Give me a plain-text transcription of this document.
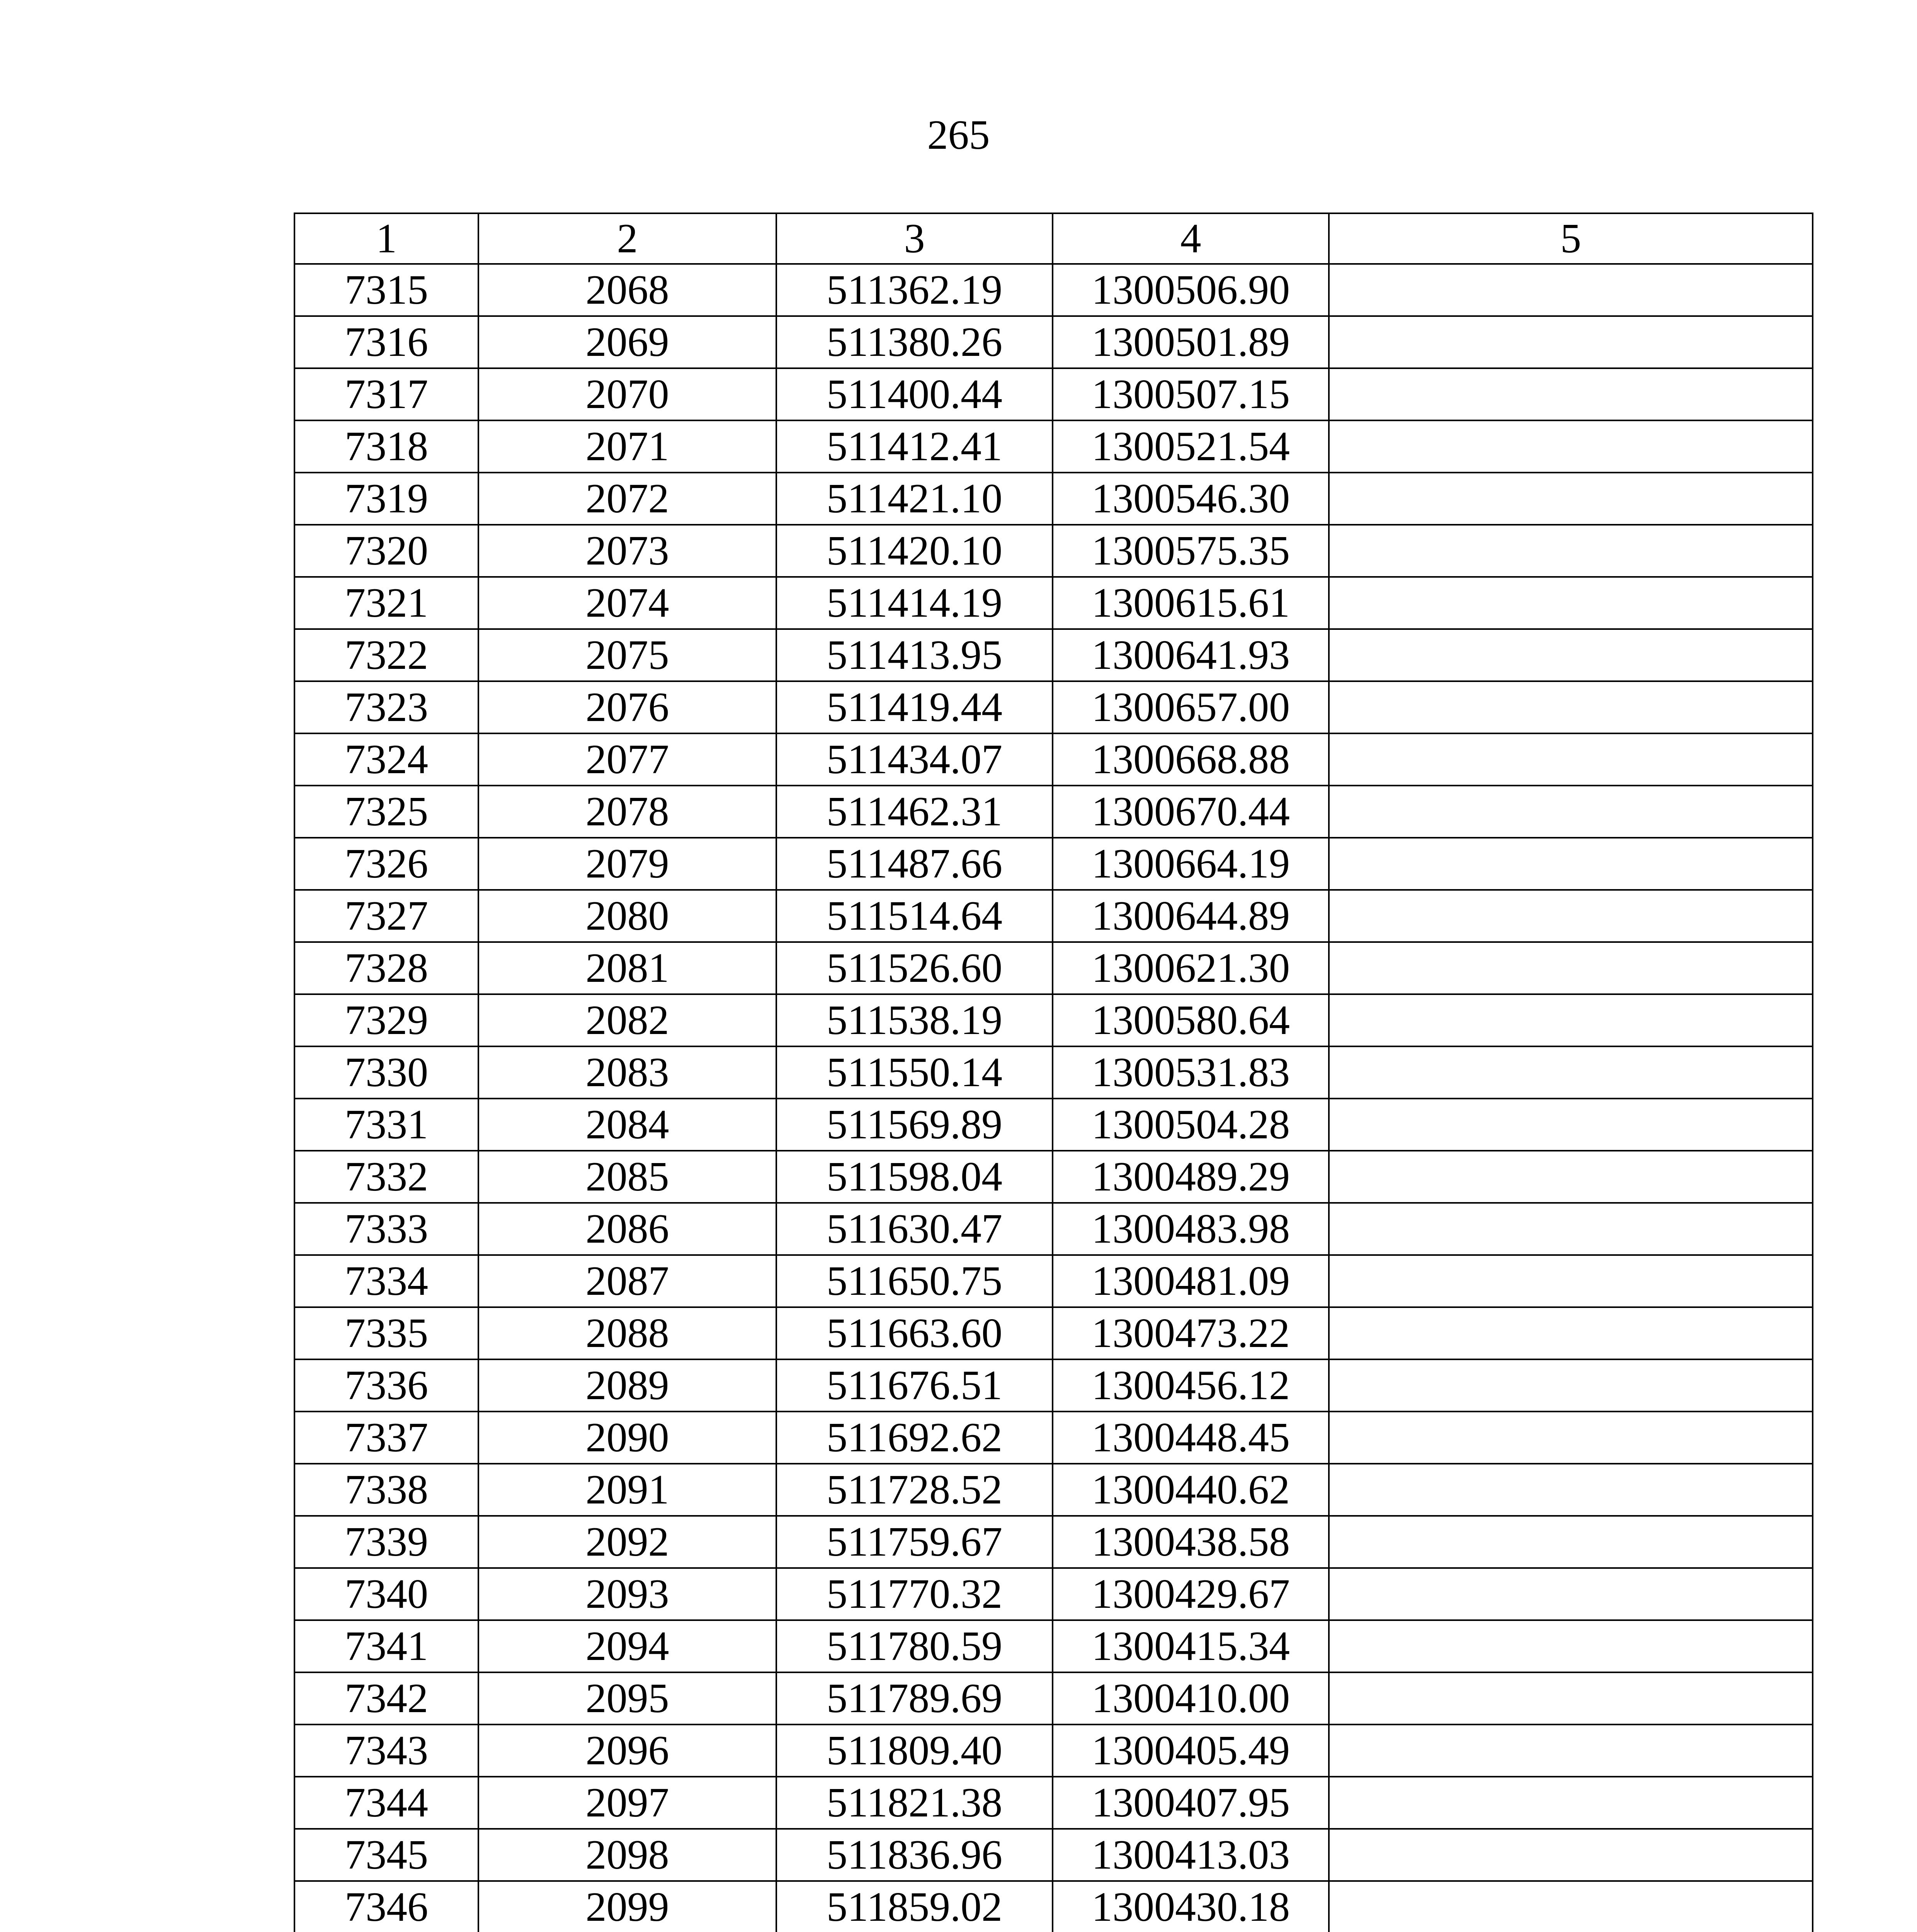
265
1	2	3	4	5
7315	2068	511362.19	1300506.90	
7316	2069	511380.26	1300501.89	
7317	2070	511400.44	1300507.15	
7318	2071	511412.41	1300521.54	
7319	2072	511421.10	1300546.30	
7320	2073	511420.10	1300575.35	
7321	2074	511414.19	1300615.61	
7322	2075	511413.95	1300641.93	
7323	2076	511419.44	1300657.00	
7324	2077	511434.07	1300668.88	
7325	2078	511462.31	1300670.44	
7326	2079	511487.66	1300664.19	
7327	2080	511514.64	1300644.89	
7328	2081	511526.60	1300621.30	
7329	2082	511538.19	1300580.64	
7330	2083	511550.14	1300531.83	
7331	2084	511569.89	1300504.28	
7332	2085	511598.04	1300489.29	
7333	2086	511630.47	1300483.98	
7334	2087	511650.75	1300481.09	
7335	2088	511663.60	1300473.22	
7336	2089	511676.51	1300456.12	
7337	2090	511692.62	1300448.45	
7338	2091	511728.52	1300440.62	
7339	2092	511759.67	1300438.58	
7340	2093	511770.32	1300429.67	
7341	2094	511780.59	1300415.34	
7342	2095	511789.69	1300410.00	
7343	2096	511809.40	1300405.49	
7344	2097	511821.38	1300407.95	
7345	2098	511836.96	1300413.03	
7346	2099	511859.02	1300430.18	
